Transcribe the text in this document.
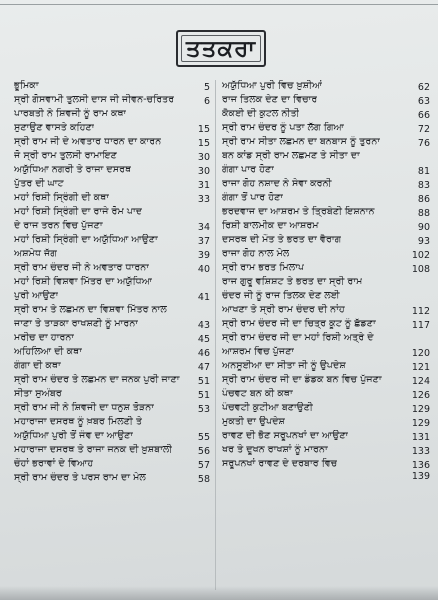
ਤਤਕਰਾ
ਭੂਮਿਕਾ	5
ਸ੍ਰੀ ਗੋਸਵਾਮੀ ਤੁਲਸੀ ਦਾਸ ਜੀ ਜੀਵਨ-ਚਰਿਤਰ	6
ਪਾਰਬਤੀ ਨੇ ਸ਼ਿਵਜੀ ਨੂੰ ਰਾਮ ਕਥਾ
ਸੁਣਾਉਣ ਵਾਸਤੇ ਕਹਿਣਾ	15
ਸ੍ਰੀ ਰਾਮ ਜੀ ਦੇ ਅਵਤਾਰ ਧਾਰਨ ਦਾ ਕਾਰਨ	15
ਜੋ ਸ੍ਰੀ ਰਾਮ ਤੁਲਸੀ ਰਾਮਾਇਣ	30
ਅਯੁੱਧਿਆ ਨਗਰੀ ਤੇ ਰਾਜਾ ਦਸਰਥ	30
ਪੁੱਤਰ ਦੀ ਘਾਟ	31
ਮਹਾਂ ਰਿਸ਼ੀ ਸ੍ਰਿੰਗੀ ਦੀ ਕਥਾ	33
ਮਹਾਂ ਰਿਸ਼ੀ ਸ੍ਰਿੰਗੀ ਦਾ ਰਾਜੇ ਰੋਮ ਪਾਦ
ਦੇ ਰਾਜ ਤਰਨ ਵਿਚ ਪੁੱਜਣਾ	34
ਮਹਾਂ ਰਿਸ਼ੀ ਸ੍ਰਿੰਗੀ ਦਾ ਅਯੁੱਧਿਆ ਆਉਣਾ	37
ਅਸ਼ਮੇਧ ਜੱਗ	39
ਸ੍ਰੀ ਰਾਮ ਚੰਦਰ ਜੀ ਨੇ ਅਵਤਾਰ ਧਾਰਨਾ	40
ਮਹਾਂ ਰਿਸ਼ੀ ਵਿਸ਼ਵਾ ਮਿੱਤਰ ਦਾ ਅਯੁੱਧਿਆ
ਪੁਰੀ ਆਉਣਾ	41
ਸ੍ਰੀ ਰਾਮ ਤੇ ਲਛਮਨ ਦਾ ਵਿਸ਼ਵਾ ਮਿੱਤਰ ਨਾਲ
ਜਾਣਾ ਤੇ ਤਾੜਕਾ ਰਾਖਸ਼ਣੀ ਨੂੰ ਮਾਰਨਾ	43
ਮਰੀਚ ਦਾ ਹਾਰਨਾ	45
ਅਹਿਲਿਆ ਦੀ ਕਥਾ	46
ਗੰਗਾ ਦੀ ਕਥਾ	47
ਸ੍ਰੀ ਰਾਮ ਚੰਦਰ ਤੇ ਲਛਮਨ ਦਾ ਜਨਕ ਪੁਰੀ ਜਾਣਾ 51
ਸੀਤਾ ਸੁਅੰਬਰ	51
ਸ੍ਰੀ ਰਾਮ ਜੀ ਨੇ ਸ਼ਿਵਜੀ ਦਾ ਧਨੁਸ਼ ਤੋੜਨਾ	53
ਮਹਾਰਾਜਾ ਦਸਰਥ ਨੂੰ ਖ਼ਬਰ ਮਿਲਣੀ ਤੇ
ਅਯੁੱਧਿਆ ਪੁਰੀ ਤੋਂ ਜੰਞ ਦਾ ਆਉਣਾ	55
ਮਹਾਰਾਜਾ ਦਸਰਥ ਤੇ ਰਾਜਾ ਜਨਕ ਦੀ ਖ਼ੁਸ਼ਬਾਲੀ	56
ਚੌਹਾਂ ਭਰਾਵਾਂ ਦੇ ਵਿਆਹ	57
ਸ੍ਰੀ ਰਾਮ ਚੰਦਰ ਤੇ ਪਰਸ ਰਾਮ ਦਾ ਮੇਲ	58
ਅਯੁੱਧਿਆ ਪੁਰੀ ਵਿਚ ਖ਼ੁਸ਼ੀਆਂ	62
ਰਾਜ ਤਿਲਕ ਦੇਣ ਦਾ ਵਿਚਾਰ	63
ਕੈਕਈ ਦੀ ਕੁਟਲ ਨੀਤੀ	66
ਸ੍ਰੀ ਰਾਮ ਚੰਦਰ ਨੂੰ ਪਤਾ ਲੱਗ ਗਿਆ	72
ਸ੍ਰੀ ਰਾਮ ਸੀਤਾ ਲਛਮਨ ਦਾ ਬਨਬਾਸ ਨੂੰ ਤੁਰਨਾ	76
ਬਨ ਕਾਂਡ ਸ੍ਰੀ ਰਾਮ ਲਛਮਣ ਤੇ ਸੀਤਾ ਦਾ
ਗੰਗਾ ਪਾਰ ਹੋਣਾ	81
ਰਾਜਾ ਗੋਹ ਨਸ਼ਾਦ ਨੇ ਸੇਵਾ ਕਰਨੀ	83
ਗੰਗਾ ਤੋਂ ਪਾਰ ਹੋਣਾ	86
ਭਰਦਵਾਜ ਦਾ ਆਸ਼ਰਮ ਤੇ ਤ੍ਰਿਬੇਣੀ ਇਸ਼ਨਾਨ	88
ਰਿਸ਼ੀ ਬਾਲਮੀਕ ਦਾ ਆਸ਼ਰਮ	90
ਦਸਰਥ ਦੀ ਮੌਤ ਤੇ ਭਰਤ ਦਾ ਵੈਰਾਗ	93
ਰਾਜਾ ਗੋਹ ਨਾਲ ਮੇਲ	102
ਸ੍ਰੀ ਰਾਮ ਭਰਤ ਮਿਲਾਪ	108
ਰਾਜ ਗੁਰੂ ਵਸ਼ਿਸ਼ਟ ਤੇ ਭਰਤ ਦਾ ਸ੍ਰੀ ਰਾਮ
ਚੰਦਰ ਜੀ ਨੂੰ ਰਾਜ ਤਿਲਕ ਦੇਣ ਲਈ
ਆਖਣਾ ਤੇ ਸ੍ਰੀ ਰਾਮ ਚੰਦਰ ਦੀ ਨਾਂਹ	112
ਸ੍ਰੀ ਰਾਮ ਚੰਦਰ ਜੀ ਦਾ ਚਿਤ੍ਰ ਕੂਟ ਨੂੰ ਛੱਡਣਾ	117
ਸ੍ਰੀ ਰਾਮ ਚੰਦਰ ਜੀ ਦਾ ਮਹਾਂ ਰਿਸ਼ੀ ਅਤ੍ਰੇ ਦੇ
ਆਸ਼ਰਮ ਵਿਚ ਪੁੱਜਣਾ	120
ਅਨਸੂਈਆ ਦਾ ਸੀਤਾ ਜੀ ਨੂੰ ਉਪਦੇਸ਼	121
ਸ੍ਰੀ ਰਾਮ ਚੰਦਰ ਜੀ ਦਾ ਡੰਡਕ ਬਨ ਵਿਚ ਪੁੱਜਣਾ	124
ਪੰਚਵਟ ਬਨ ਕੀ ਕਥਾ	126
ਪੰਚਵਟੀ ਕੁਟੀਆ ਬਣਾਉਣੀ	129
ਮੁਕਤੀ ਦਾ ਉਪਦੇਸ਼	129
ਰਾਵਣ ਦੀ ਭੈਣ ਸਰੂਪਨਖਾਂ ਦਾ ਆਉਣਾ	131
ਖਰ ਤੇ ਦੂਖਨ ਰਾਖਸ਼ਾਂ ਨੂੰ ਮਾਰਨਾ	133
ਸਰੂਪਨਖਾਂ ਰਾਵਣ ਦੇ ਦਰਬਾਰ ਵਿਚ	136
139
